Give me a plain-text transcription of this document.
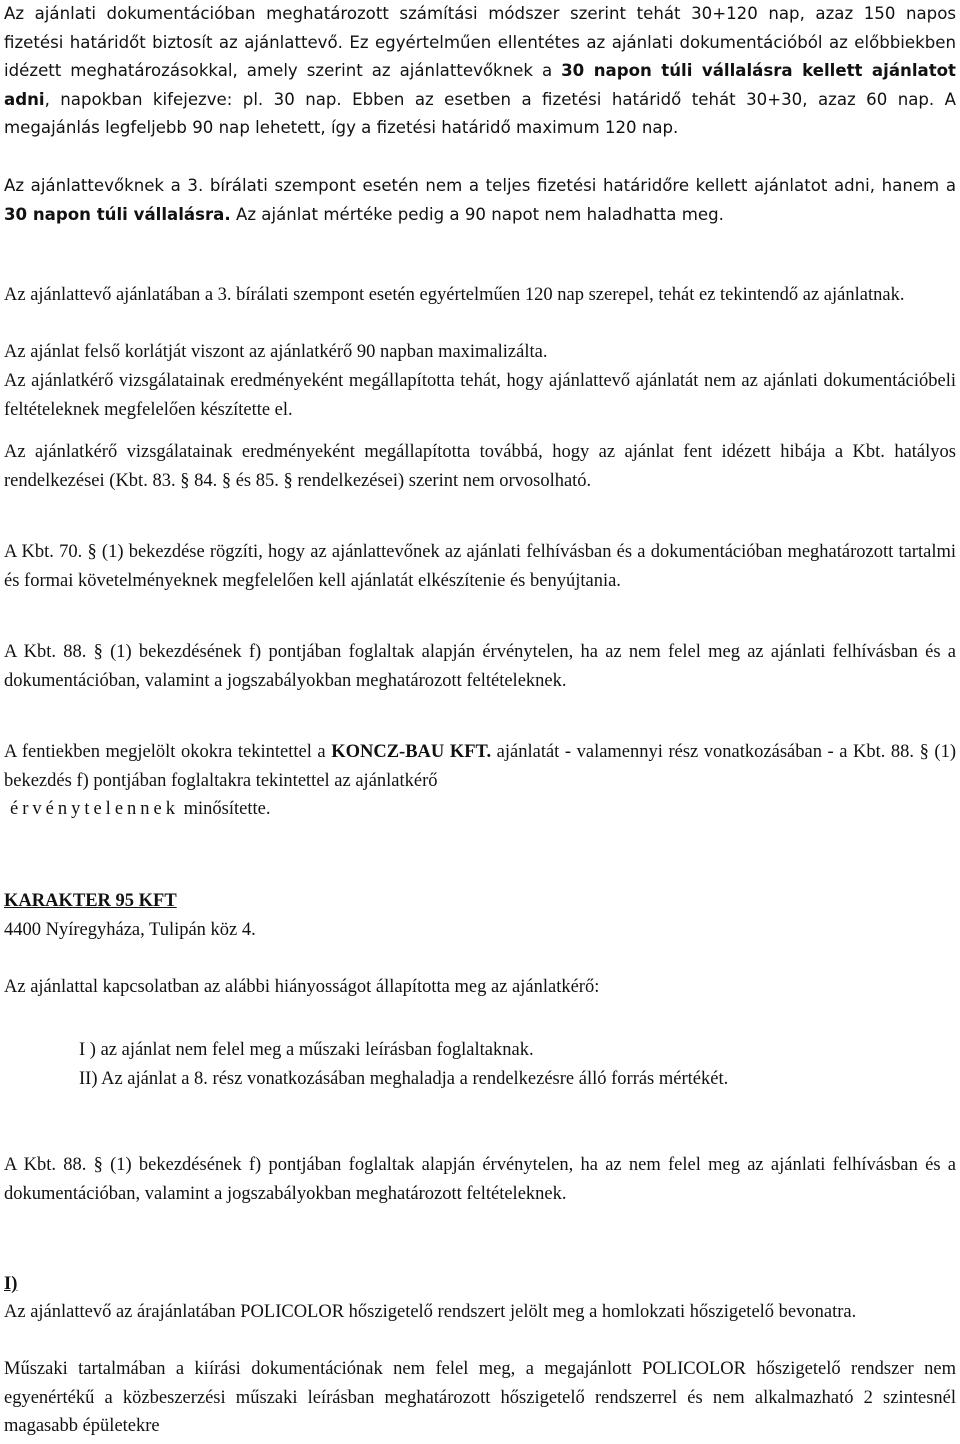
Az ajánlati dokumentációban meghatározott számítási módszer szerint tehát 30+120 nap, azaz 150 napos fizetési határidőt biztosít az ajánlattevő. Ez egyértelműen ellentétes az ajánlati dokumentációból az előbbiekben idézett meghatározásokkal, amely szerint az ajánlattevőknek a 30 napon túli vállalásra kellett ajánlatot adni, napokban kifejezve: pl. 30 nap. Ebben az esetben a fizetési határidő tehát 30+30, azaz 60 nap. A megajánlás legfeljebb 90 nap lehetett, így a fizetési határidő maximum 120 nap.

Az ajánlattevőknek a 3. bírálati szempont esetén nem a teljes fizetési határidőre kellett ajánlatot adni, hanem a 30 napon túli vállalásra. Az ajánlat mértéke pedig a 90 napot nem haladhatta meg.

Az ajánlattevő ajánlatában a 3. bírálati szempont esetén egyértelműen 120 nap szerepel, tehát ez tekintendő az ajánlatnak.

Az ajánlat felső korlátját viszont az ajánlatkérő 90 napban maximalizálta.

Az ajánlatkérő vizsgálatainak eredményeként megállapította tehát, hogy ajánlattevő ajánlatát nem az ajánlati dokumentációbeli feltételeknek megfelelően készítette el.

Az ajánlatkérő vizsgálatainak eredményeként megállapította továbbá, hogy az ajánlat fent idézett hibája a Kbt. hatályos rendelkezései (Kbt. 83. § 84. § és 85. § rendelkezései) szerint nem orvosolható.

A Kbt. 70. § (1) bekezdése rögzíti, hogy az ajánlattevőnek az ajánlati felhívásban és a dokumentációban meghatározott tartalmi és formai követelményeknek megfelelően kell ajánlatát elkészítenie és benyújtania.

A Kbt. 88. § (1) bekezdésének f) pontjában foglaltak alapján érvénytelen, ha az nem felel meg az ajánlati felhívásban és a dokumentációban, valamint a jogszabályokban meghatározott feltételeknek.

A fentiekben megjelölt okokra tekintettel a KONCZ-BAU KFT. ajánlatát - valamennyi rész vonatkozásában - a Kbt. 88. § (1) bekezdés f) pontjában foglaltakra tekintettel az ajánlatkérő
érvénytelennek minősítette.

KARAKTER 95 KFT

4400 Nyíregyháza, Tulipán köz 4.

Az ajánlattal kapcsolatban az alábbi hiányosságot állapította meg az ajánlatkérő:

I ) az ajánlat nem felel meg a műszaki leírásban foglaltaknak.

II) Az ajánlat a 8. rész vonatkozásában meghaladja a rendelkezésre álló forrás mértékét.

A Kbt. 88. § (1) bekezdésének f) pontjában foglaltak alapján érvénytelen, ha az nem felel meg az ajánlati felhívásban és a dokumentációban, valamint a jogszabályokban meghatározott feltételeknek.

I)

Az ajánlattevő az árajánlatában POLICOLOR hőszigetelő rendszert jelölt meg a homlokzati hőszigetelő bevonatra.

Műszaki tartalmában a kiírási dokumentációnak nem felel meg, a megajánlott POLICOLOR hőszigetelő rendszer nem egyenértékű a közbeszerzési műszaki leírásban meghatározott hőszigetelő rendszerrel és nem alkalmazható 2 szintesnél magasabb épületekre
